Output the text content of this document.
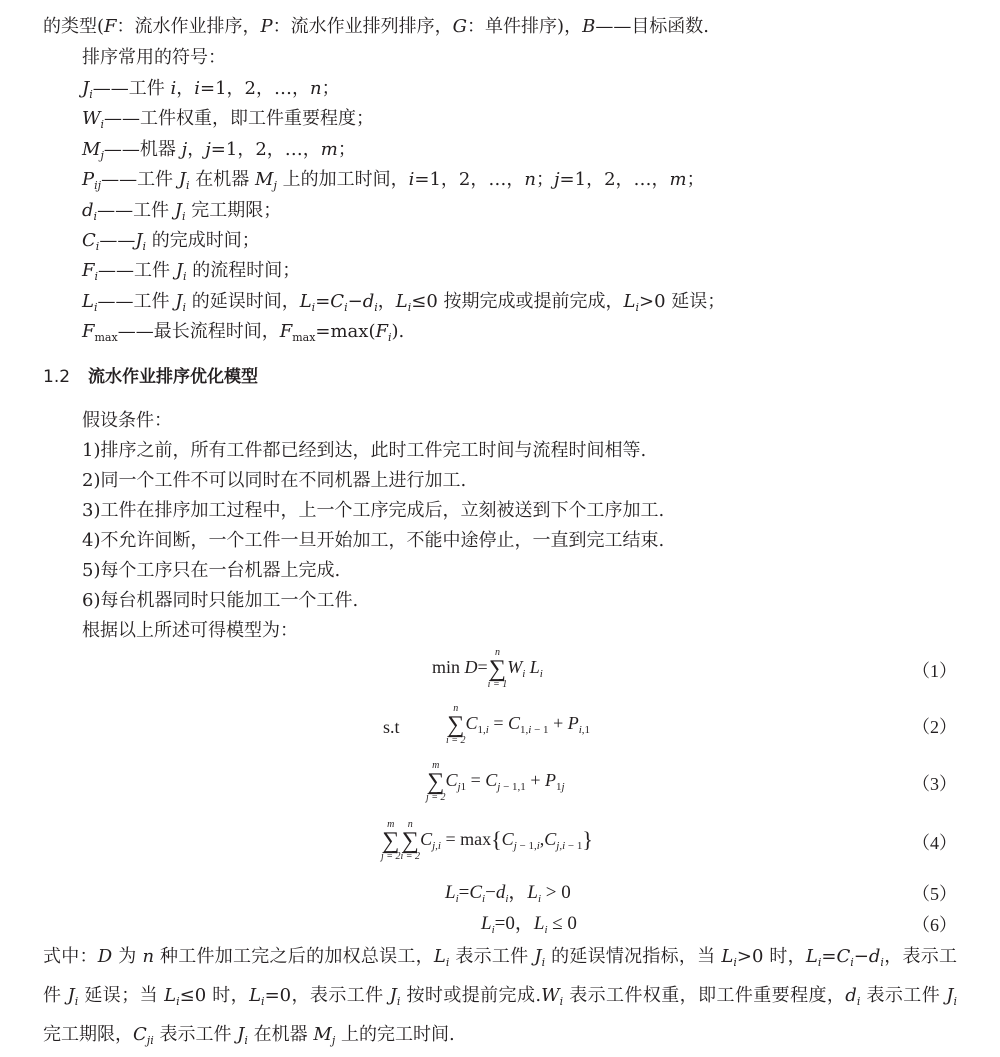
的类型(F：流水作业排序，P：流水作业排列排序，G：单件排序)，B——目标函数.
排序常用的符号：
$J_i——$工件 i，i=1，2，…，n；
$W_i——$工件权重，即工件重要程度；
$M_j——$机器 j，j=1，2，…，m；
$P_{ij}——$工件 $J_i$ 在机器 $M_j$ 上的加工时间，i=1，2，…，n；j=1，2，…，m；
$d_i——$工件 $J_i$ 完工期限；
$C_i——J_i$ 的完成时间；
$F_i——$工件 $J_i$ 的流程时间；
$L_i——$工件 $J_i$ 的延误时间，$L_i=C_i-d_i$，$L_i\le 0$ 按期完成或提前完成，$L_i>0$ 延误；
$F_{max}——$最长流程时间，$F_{max}=\max(F_i)$.
1.2 流水作业排序优化模型
假设条件：
1)排序之前，所有工件都已经到达，此时工件完工时间与流程时间相等.
2)同一个工件不可以同时在不同机器上进行加工.
3)工件在排序加工过程中，上一个工序完成后，立刻被送到下个工序加工.
4)不允许间断，一个工件一旦开始加工，不能中途停止，一直到完工结束.
5)每个工序只在一台机器上完成.
6)每台机器同时只能加工一个工件.
根据以上所述可得模型为：
min D=
n
∑
i = 1
$W_i$ $L_i$	（1）
s.t
n
∑
i = 2
$C_{1,i} = C_{1,i - 1} + P_{i,1}$	（2）
m
∑
j = 2
$C_{j1} = C_{j - 1,1} + P_{1j}$	（3）
m
∑
j = 2
n
∑
i = 2
$C_{j,i} = \max\{C_{j - 1,i},C_{j,i - 1}\}$	（4）
$L_i=C_i-d_i$，$L_i > 0$	（5）
$L_i=0$，$L_i \le 0$	（6）
式中：D 为 n 种工件加工完之后的加权总误工，$L_i$ 表示工件 $J_i$ 的延误情况指标，当 $L_i>0$ 时，$L_i=C_i-d_i$，表示工件 $J_i$ 延误；当 $L_i\le 0$ 时，$L_i=0$，表示工件 $J_i$ 按时或提前完成$.W_i$ 表示工件权重，即工件重要程度，$d_i$ 表示工件 $J_i$ 完工期限，$C_{ji}$ 表示工件 $J_i$ 在机器 $M_j$ 上的完工时间.
